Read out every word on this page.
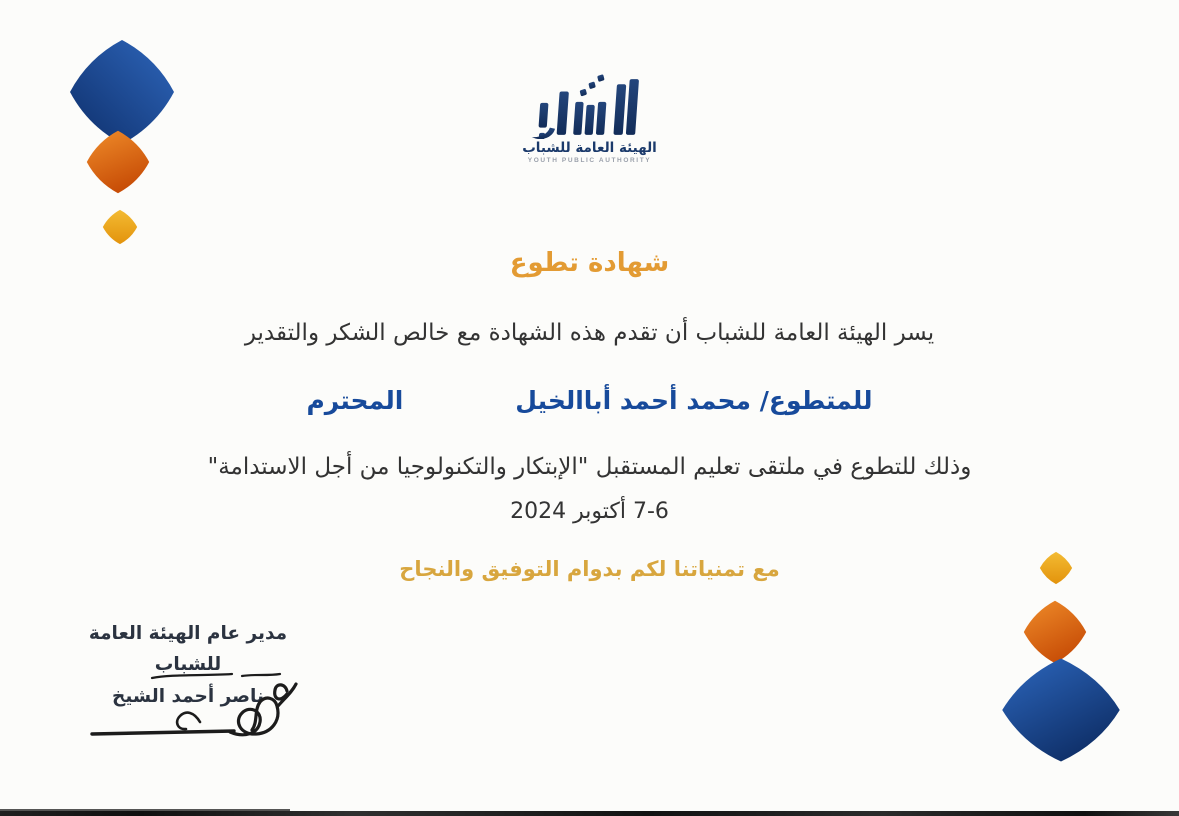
الهيئة العامة للشباب
YOUTH PUBLIC AUTHORITY
شهادة تطوع
يسر الهيئة العامة للشباب أن تقدم هذه الشهادة مع خالص الشكر والتقدير
للمتطوع/ محمد أحمد أباالخيل
المحترم
وذلك للتطوع في ملتقى تعليم المستقبل "الإبتكار والتكنولوجيا من أجل الاستدامة"
7-6 أكتوبر 2024
مع تمنياتنا لكم بدوام التوفيق والنجاح
مدير عام الهيئة العامة للشباب
ناصر أحمد الشيخ
